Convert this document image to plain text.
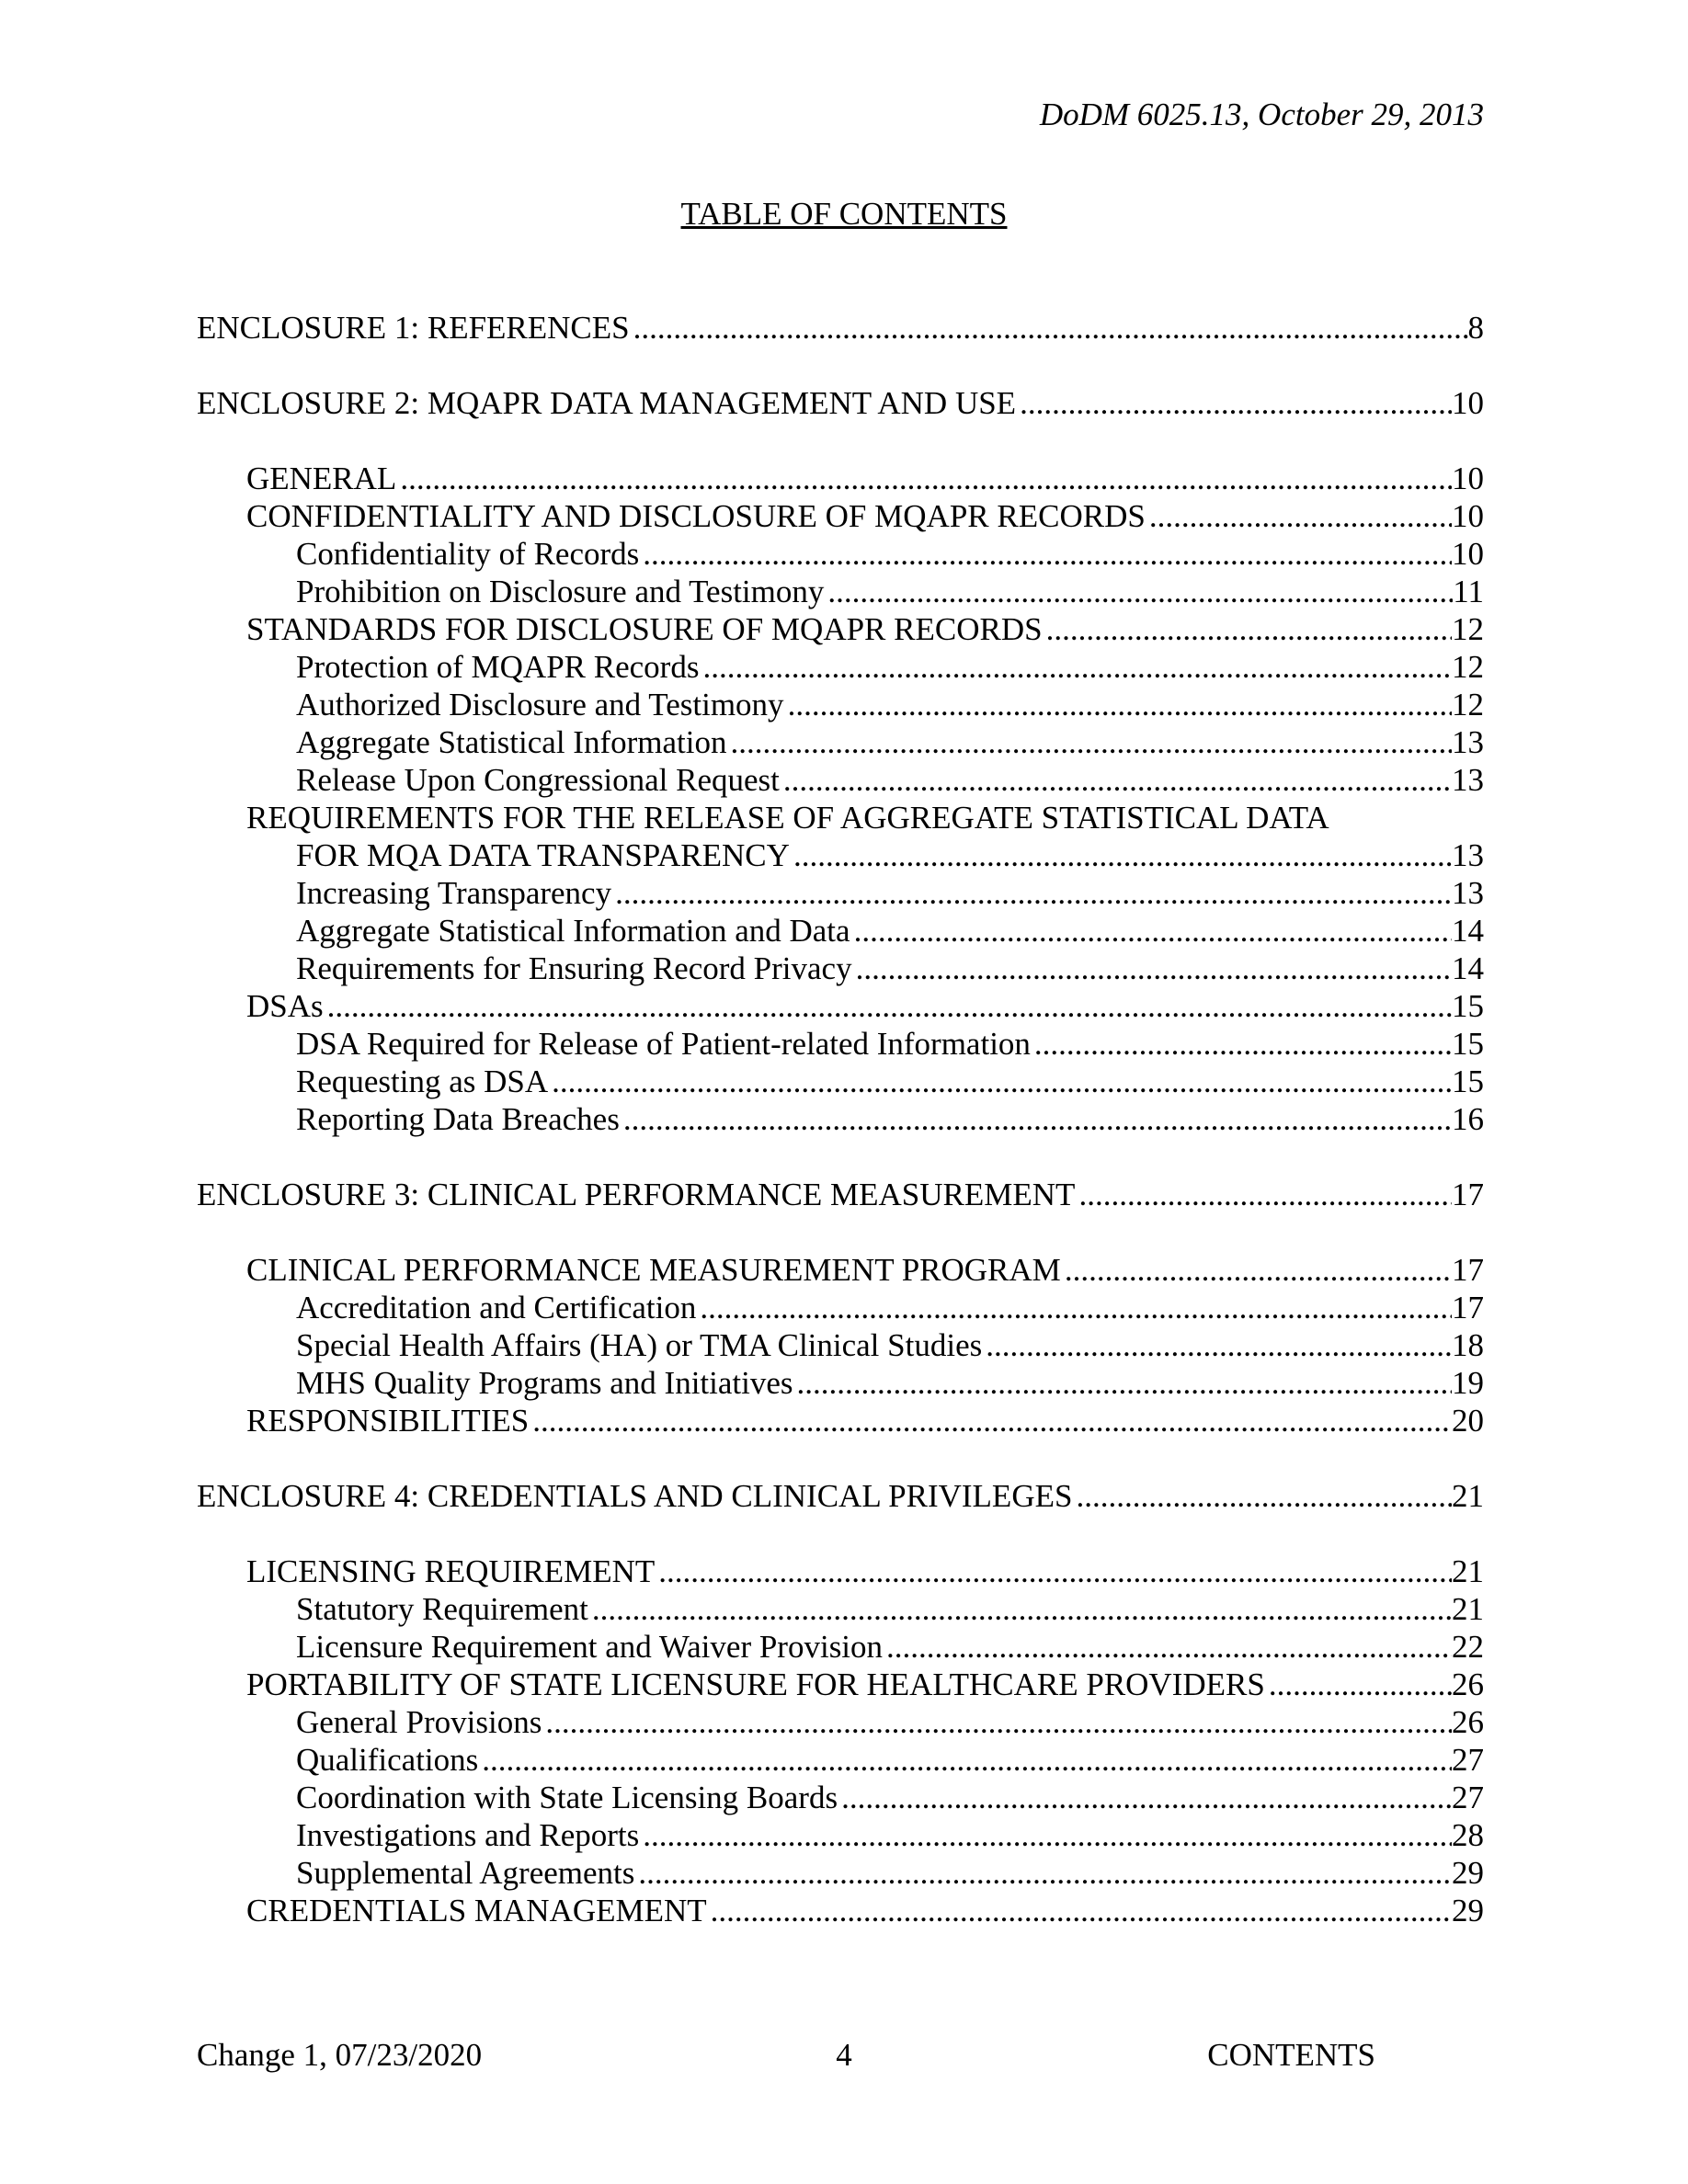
DoDM 6025.13, October 29, 2013
TABLE OF CONTENTS
ENCLOSURE 1: REFERENCES .....	8
ENCLOSURE 2: MQAPR DATA MANAGEMENT AND USE .....	10
GENERAL .....	10
CONFIDENTIALITY AND DISCLOSURE OF MQAPR RECORDS .....	10
Confidentiality of Records .....	10
Prohibition on Disclosure and Testimony .....	11
STANDARDS FOR DISCLOSURE OF MQAPR RECORDS .....	12
Protection of MQAPR Records .....	12
Authorized Disclosure and Testimony .....	12
Aggregate Statistical Information .....	13
Release Upon Congressional Request .....	13
REQUIREMENTS FOR THE RELEASE OF AGGREGATE STATISTICAL DATA
FOR MQA DATA TRANSPARENCY .....	13
Increasing Transparency .....	13
Aggregate Statistical Information and Data .....	14
Requirements for Ensuring Record Privacy .....	14
DSAs .....	15
DSA Required for Release of Patient-related Information .....	15
Requesting as DSA .....	15
Reporting Data Breaches .....	16
ENCLOSURE 3: CLINICAL PERFORMANCE MEASUREMENT .....	17
CLINICAL PERFORMANCE MEASUREMENT PROGRAM .....	17
Accreditation and Certification .....	17
Special Health Affairs (HA) or TMA Clinical Studies .....	18
MHS Quality Programs and Initiatives .....	19
RESPONSIBILITIES .....	20
ENCLOSURE 4: CREDENTIALS AND CLINICAL PRIVILEGES .....	21
LICENSING REQUIREMENT .....	21
Statutory Requirement .....	21
Licensure Requirement and Waiver Provision .....	22
PORTABILITY OF STATE LICENSURE FOR HEALTHCARE PROVIDERS .....	26
General Provisions .....	26
Qualifications .....	27
Coordination with State Licensing Boards .....	27
Investigations and Reports .....	28
Supplemental Agreements .....	29
CREDENTIALS MANAGEMENT .....	29
Change 1, 07/23/2020	4	CONTENTS
